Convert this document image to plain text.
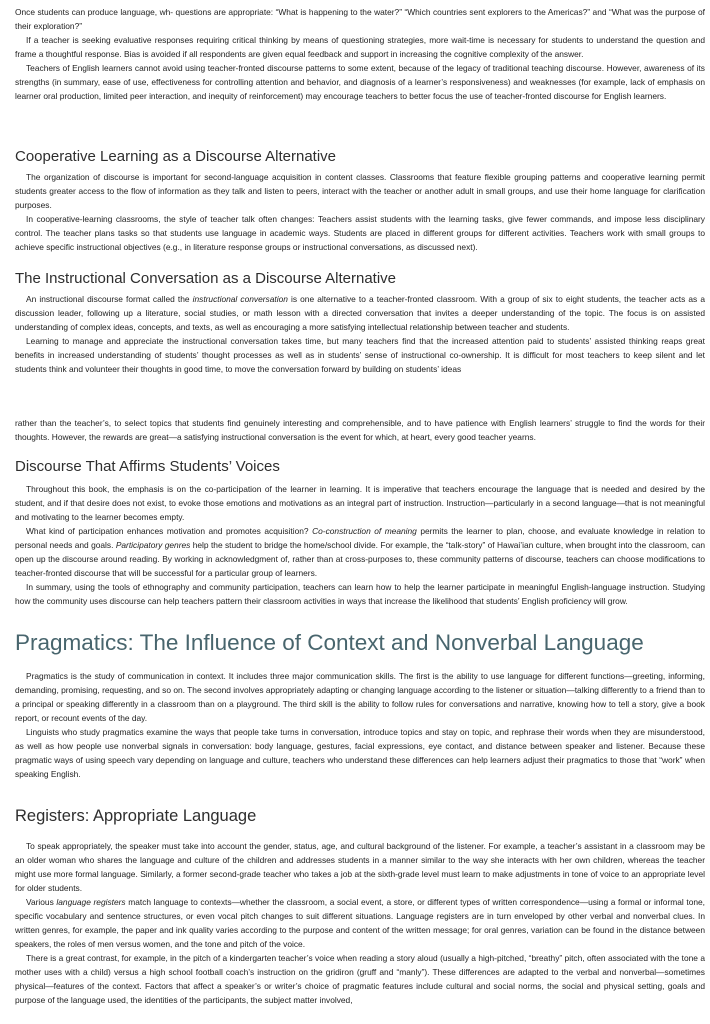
Once students can produce language, wh- questions are appropriate: “What is happening to the water?” “Which countries sent explorers to the Americas?” and “What was the purpose of their exploration?”

If a teacher is seeking evaluative responses requiring critical thinking by means of questioning strategies, more wait-time is necessary for students to understand the question and frame a thoughtful response. Bias is avoided if all respondents are given equal feedback and support in increasing the cognitive complexity of the answer.

Teachers of English learners cannot avoid using teacher-fronted discourse patterns to some extent, because of the legacy of traditional teaching discourse. However, awareness of its strengths (in summary, ease of use, effectiveness for controlling attention and behavior, and diagnosis of a learner’s responsiveness) and weaknesses (for example, lack of emphasis on learner oral production, limited peer interaction, and inequity of reinforcement) may encourage teachers to better focus the use of teacher-fronted discourse for English learners.

Cooperative Learning as a Discourse Alternative

The organization of discourse is important for second-language acquisition in content classes. Classrooms that feature flexible grouping patterns and cooperative learning permit students greater access to the flow of information as they talk and listen to peers, interact with the teacher or another adult in small groups, and use their home language for clarification purposes.

In cooperative-learning classrooms, the style of teacher talk often changes: Teachers assist students with the learning tasks, give fewer commands, and impose less disciplinary control. The teacher plans tasks so that students use language in academic ways. Students are placed in different groups for different activities. Teachers work with small groups to achieve specific instructional objectives (e.g., in literature response groups or instructional conversations, as discussed next).

The Instructional Conversation as a Discourse Alternative

An instructional discourse format called the instructional conversation is one alternative to a teacher-fronted classroom. With a group of six to eight students, the teacher acts as a discussion leader, following up a literature, social studies, or math lesson with a directed conversation that invites a deeper understanding of the topic. The focus is on assisted understanding of complex ideas, concepts, and texts, as well as encouraging a more satisfying intellectual relationship between teacher and students.

Learning to manage and appreciate the instructional conversation takes time, but many teachers find that the increased attention paid to students’ assisted thinking reaps great benefits in increased understanding of students’ thought processes as well as in students’ sense of instructional co-ownership. It is difficult for most teachers to keep silent and let students think and volunteer their thoughts in good time, to move the conversation forward by building on students’ ideas

rather than the teacher’s, to select topics that students find genuinely interesting and comprehensible, and to have patience with English learners’ struggle to find the words for their thoughts. However, the rewards are great—a satisfying instructional conversation is the event for which, at heart, every good teacher yearns.

Discourse That Affirms Students’ Voices

Throughout this book, the emphasis is on the co-participation of the learner in learning. It is imperative that teachers encourage the language that is needed and desired by the student, and if that desire does not exist, to evoke those emotions and motivations as an integral part of instruction. Instruction—particularly in a second language—that is not meaningful and motivating to the learner becomes empty.

What kind of participation enhances motivation and promotes acquisition? Co-construction of meaning permits the learner to plan, choose, and evaluate knowledge in relation to personal needs and goals. Participatory genres help the student to bridge the home/school divide. For example, the “talk-story” of Hawai’ian culture, when brought into the classroom, can open up the discourse around reading. By working in acknowledgment of, rather than at cross-purposes to, these community patterns of discourse, teachers can choose modifications to teacher-fronted discourse that will be successful for a particular group of learners.

In summary, using the tools of ethnography and community participation, teachers can learn how to help the learner participate in meaningful English-language instruction. Studying how the community uses discourse can help teachers pattern their classroom activities in ways that increase the likelihood that students’ English proficiency will grow.

Pragmatics: The Influence of Context and Nonverbal Language

Pragmatics is the study of communication in context. It includes three major communication skills. The first is the ability to use language for different functions—greeting, informing, demanding, promising, requesting, and so on. The second involves appropriately adapting or changing language according to the listener or situation—talking differently to a friend than to a principal or speaking differently in a classroom than on a playground. The third skill is the ability to follow rules for conversations and narrative, knowing how to tell a story, give a book report, or recount events of the day.

Linguists who study pragmatics examine the ways that people take turns in conversation, introduce topics and stay on topic, and rephrase their words when they are misunderstood, as well as how people use nonverbal signals in conversation: body language, gestures, facial expressions, eye contact, and distance between speaker and listener. Because these pragmatic ways of using speech vary depending on language and culture, teachers who understand these differences can help learners adjust their pragmatics to those that “work” when speaking English.

Registers: Appropriate Language

To speak appropriately, the speaker must take into account the gender, status, age, and cultural background of the listener. For example, a teacher’s assistant in a classroom may be an older woman who shares the language and culture of the children and addresses students in a manner similar to the way she interacts with her own children, whereas the teacher might use more formal language. Similarly, a former second-grade teacher who takes a job at the sixth-grade level must learn to make adjustments in tone of voice to an appropriate level for older students.

Various language registers match language to contexts—whether the classroom, a social event, a store, or different types of written correspondence—using a formal or informal tone, specific vocabulary and sentence structures, or even vocal pitch changes to suit different situations. Language registers are in turn enveloped by other verbal and nonverbal clues. In written genres, for example, the paper and ink quality varies according to the purpose and content of the written message; for oral genres, variation can be found in the distance between speakers, the roles of men versus women, and the tone and pitch of the voice.

There is a great contrast, for example, in the pitch of a kindergarten teacher’s voice when reading a story aloud (usually a high-pitched, “breathy” pitch, often associated with the tone a mother uses with a child) versus a high school football coach’s instruction on the gridiron (gruff and “manly”). These differences are adapted to the verbal and nonverbal—sometimes physical—features of the context. Factors that affect a speaker’s or writer’s choice of pragmatic features include cultural and social norms, the social and physical setting, goals and purpose of the language used, the identities of the participants, the subject matter involved,
